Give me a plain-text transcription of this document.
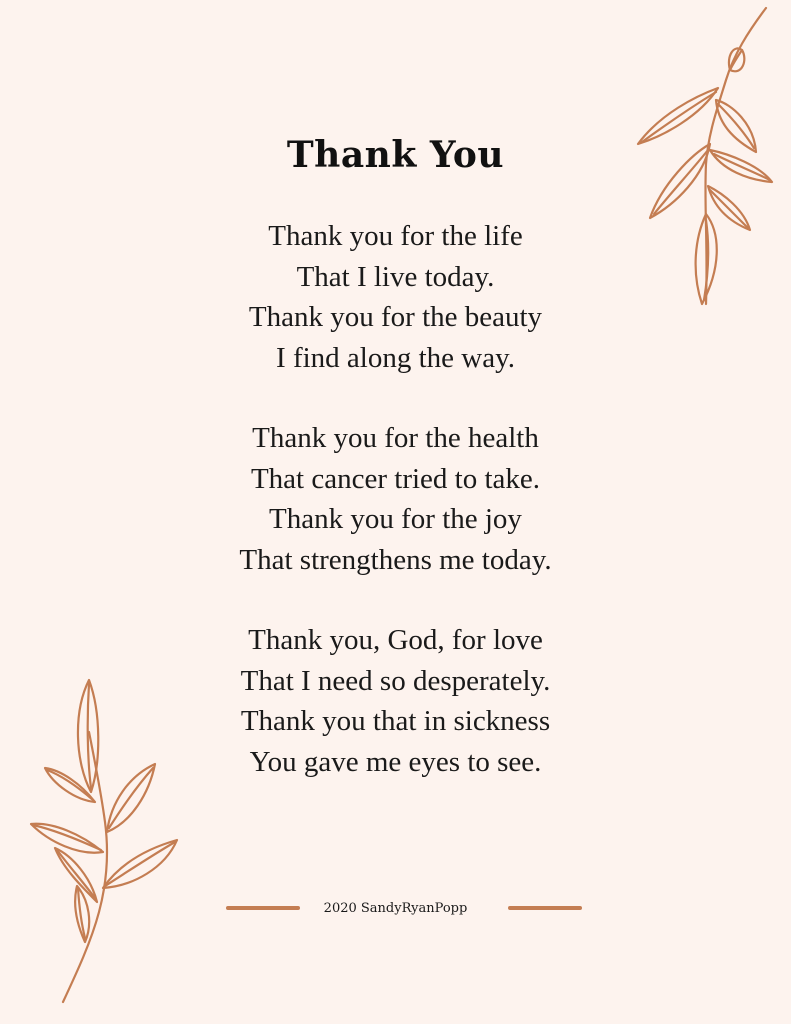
Thank You
Thank you for the life
That I live today.
Thank you for the beauty
I find along the way.
Thank you for the health
That cancer tried to take.
Thank you for the joy
That strengthens me today.
Thank you, God, for love
That I need so desperately.
Thank you that in sickness
You gave me eyes to see.
2020 SandyRyanPopp
